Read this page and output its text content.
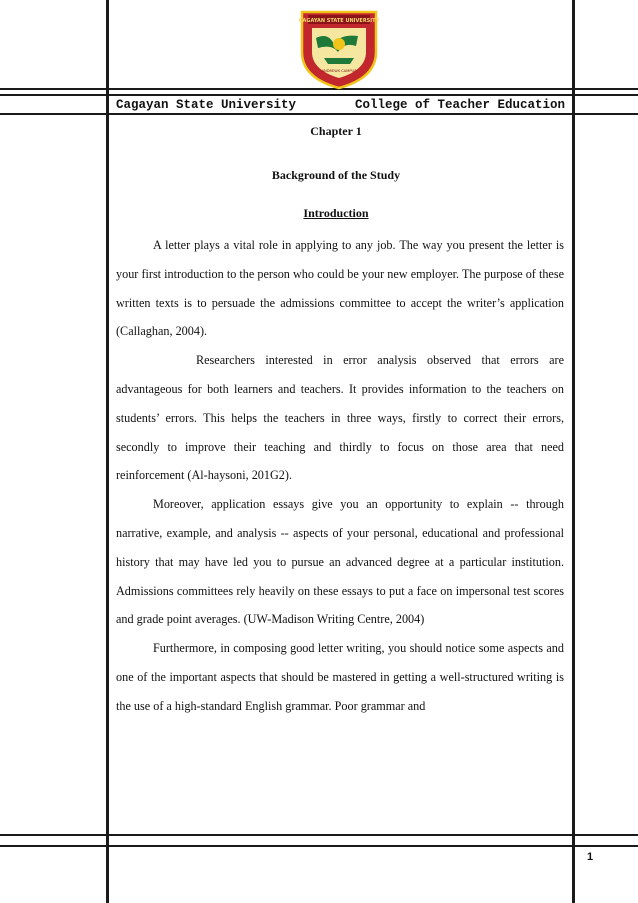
CAGAYAN STATE UNIVERSITY
ANDREWS CAMPUS
Cagayan State University	College of Teacher Education
Chapter 1
Background of the Study
Introduction

A letter plays a vital role in applying to any job. The way you present the letter is your first introduction to the person who could be your new employer. The purpose of these written texts is to persuade the admissions committee to accept the writer’s application (Callaghan, 2004).

Researchers interested in error analysis observed that errors are advantageous for both learners and teachers. It provides information to the teachers on students’ errors. This helps the teachers in three ways, firstly to correct their errors, secondly to improve their teaching and thirdly to focus on those area that need reinforcement (Al-haysoni, 201G2).

Moreover, application essays give you an opportunity to explain -- through narrative, example, and analysis -- aspects of your personal, educational and professional history that may have led you to pursue an advanced degree at a particular institution. Admissions committees rely heavily on these essays to put a face on impersonal test scores and grade point averages. (UW-Madison Writing Centre, 2004)

Furthermore, in composing good letter writing, you should notice some aspects and one of the important aspects that should be mastered in getting a well-structured writing is the use of a high-standard English grammar. Poor grammar and

1
